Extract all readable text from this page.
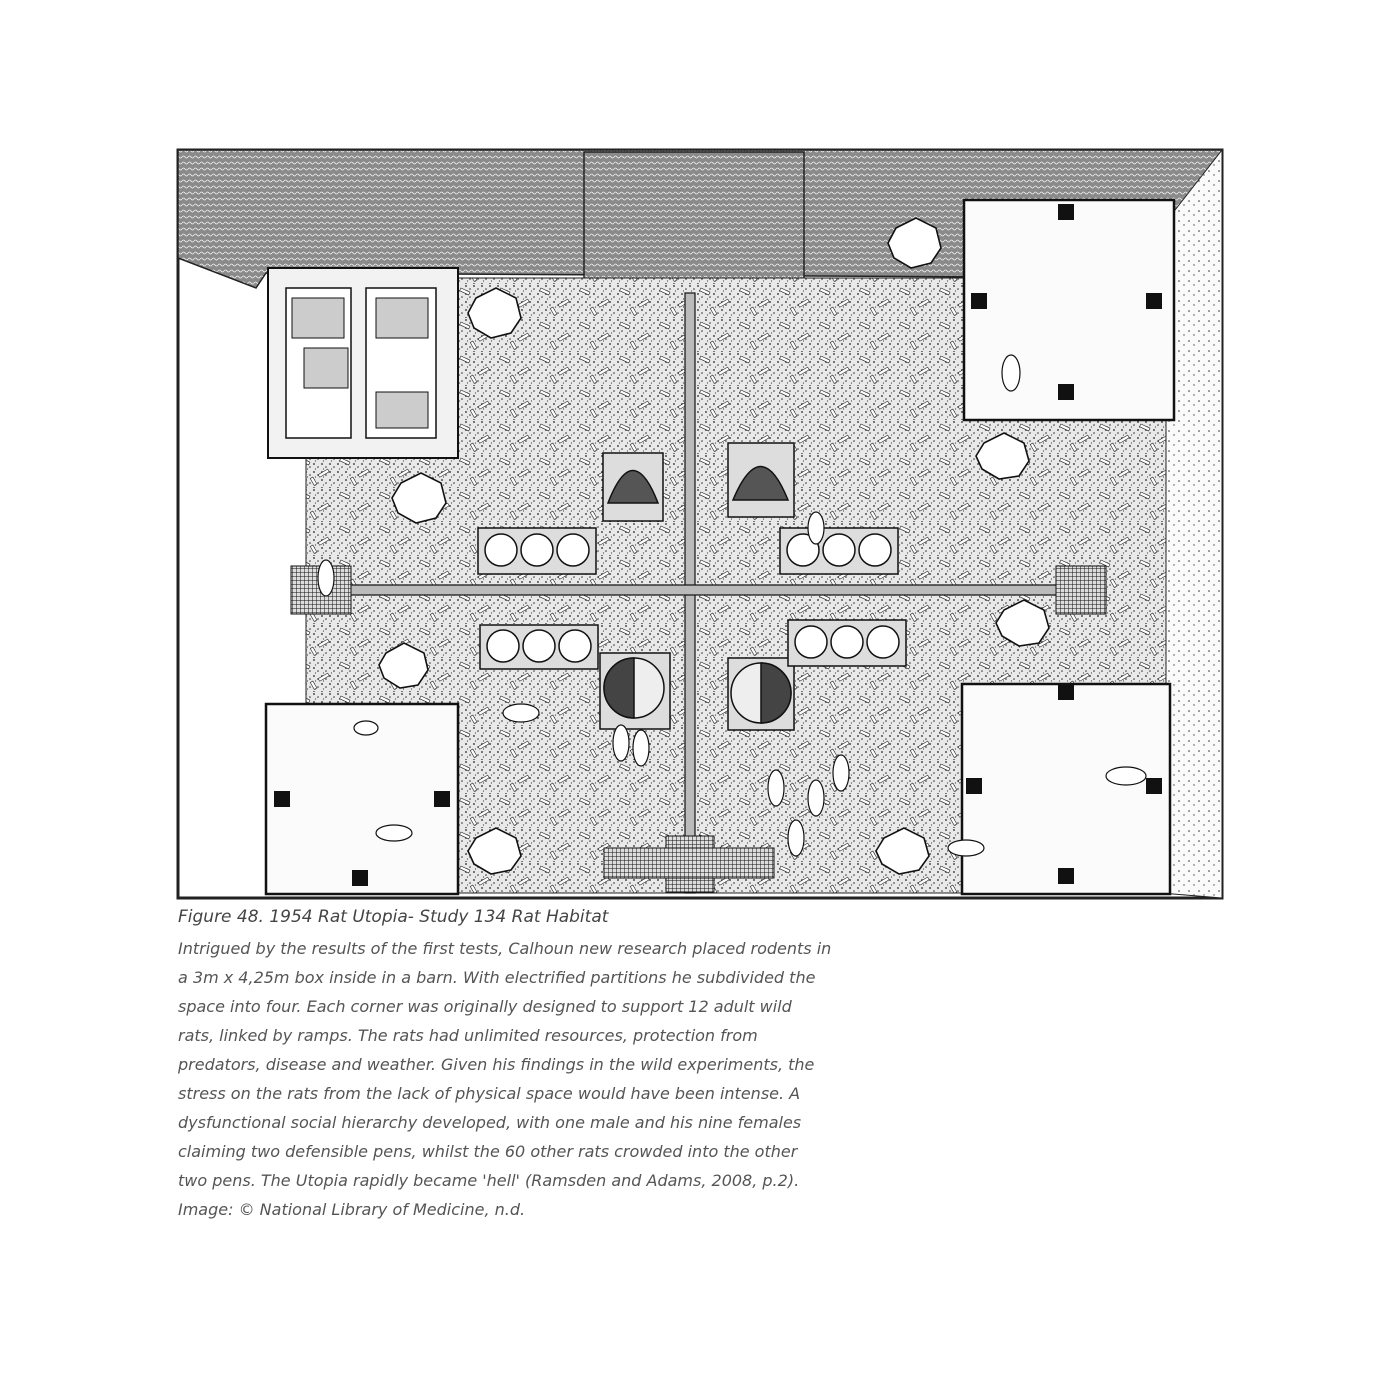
Figure 48. 1954 Rat Utopia- Study 134 Rat Habitat
Intrigued by the results of the first tests, Calhoun new research placed rodents in
a 3m x 4,25m box inside in a barn. With electrified partitions he subdivided the
space into four. Each corner was originally designed to support 12 adult wild
rats, linked by ramps. The rats had unlimited resources, protection from
predators, disease and weather. Given his findings in the wild experiments, the
stress on the rats from the lack of physical space would have been intense. A
dysfunctional social hierarchy developed, with one male and his nine females
claiming two defensible pens, whilst the 60 other rats crowded into the other
two pens. The Utopia rapidly became 'hell' (Ramsden and Adams, 2008, p.2).
Image: © National Library of Medicine, n.d.
